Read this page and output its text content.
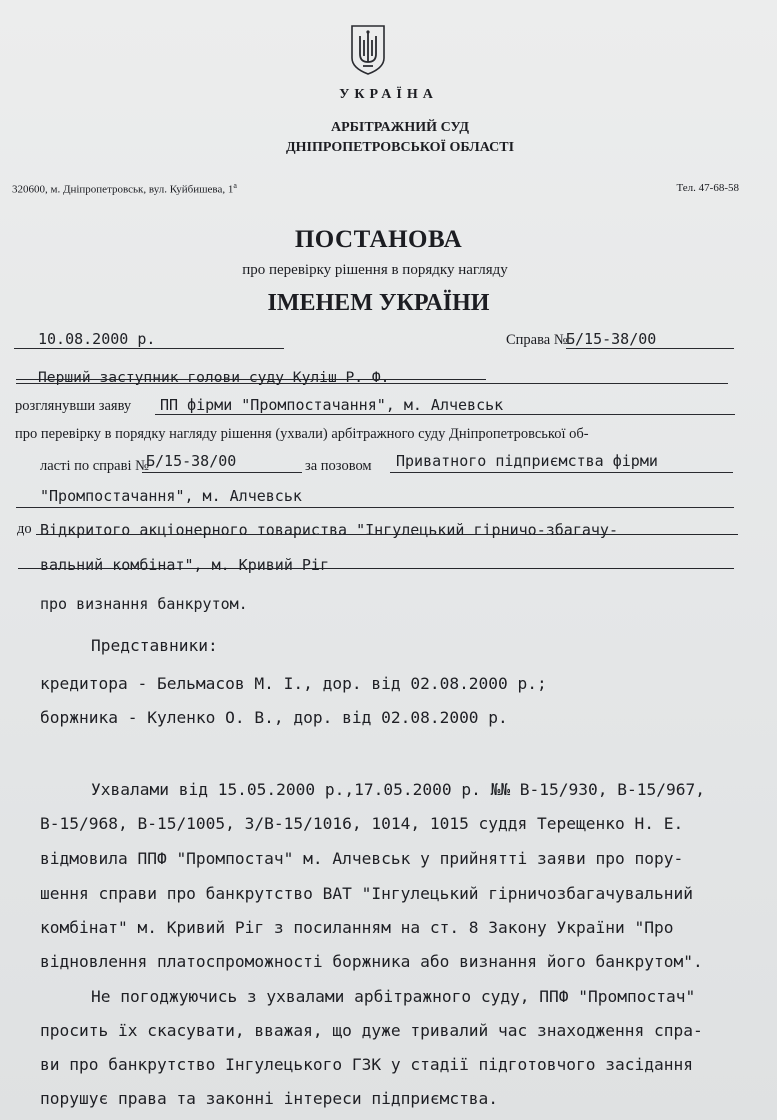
УКРАЇНА
АРБІТРАЖНИЙ СУД
ДНІПРОПЕТРОВСЬКОЇ ОБЛАСТІ
320600, м. Дніпропетровськ, вул. Куйбишева, $1^а$	Тел. 47-68-58
ПОСТАНОВА
про перевірку рішення в порядку нагляду
ІМЕНЕМ УКРАЇНИ
10.08.2000 р.	Справа №
Б/15-38/00
Перший заступник голови суду Куліш Р. Ф.
розглянувши заяву ПП фірми "Промпостачання", м. Алчевськ
про перевірку в порядку нагляду рішення (ухвали) арбітражного суду Дніпропетровської об-
ласті по справі №
Б/15-38/00	за позовом Приватного підприємства фірми
"Промпостачання", м. Алчевськ
до Відкритого акціонерного товариства "Інгулецький гірничо-збагачу-
вальний комбінат", м. Кривий Ріг
про визнання банкрутом.
Представники:
кредитора - Бельмасов М. І., дор. від 02.08.2000 р.;
боржника - Куленко О. В., дор. від 02.08.2000 р.
Ухвалами від 15.05.2000 р.,17.05.2000 р. №№ В-15/930, В-15/967,
В-15/968, В-15/1005, 3/В-15/1016, 1014, 1015 суддя Терещенко Н. Е.
відмовила ППФ "Промпостач" м. Алчевськ у прийнятті заяви про пору-
шення справи про банкрутство ВАТ "Інгулецький гірничозбагачувальний
комбінат" м. Кривий Ріг з посиланням на ст. 8 Закону України "Про
відновлення платоспроможності боржника або визнання його банкрутом".
Не погоджуючись з ухвалами арбітражного суду, ППФ "Промпостач"
просить їх скасувати, вважая, що дуже тривалий час знаходження спра-
ви про банкрутство Інгулецького ГЗК у стадії підготовчого засідання
порушує права та законні інтереси підприємства.
